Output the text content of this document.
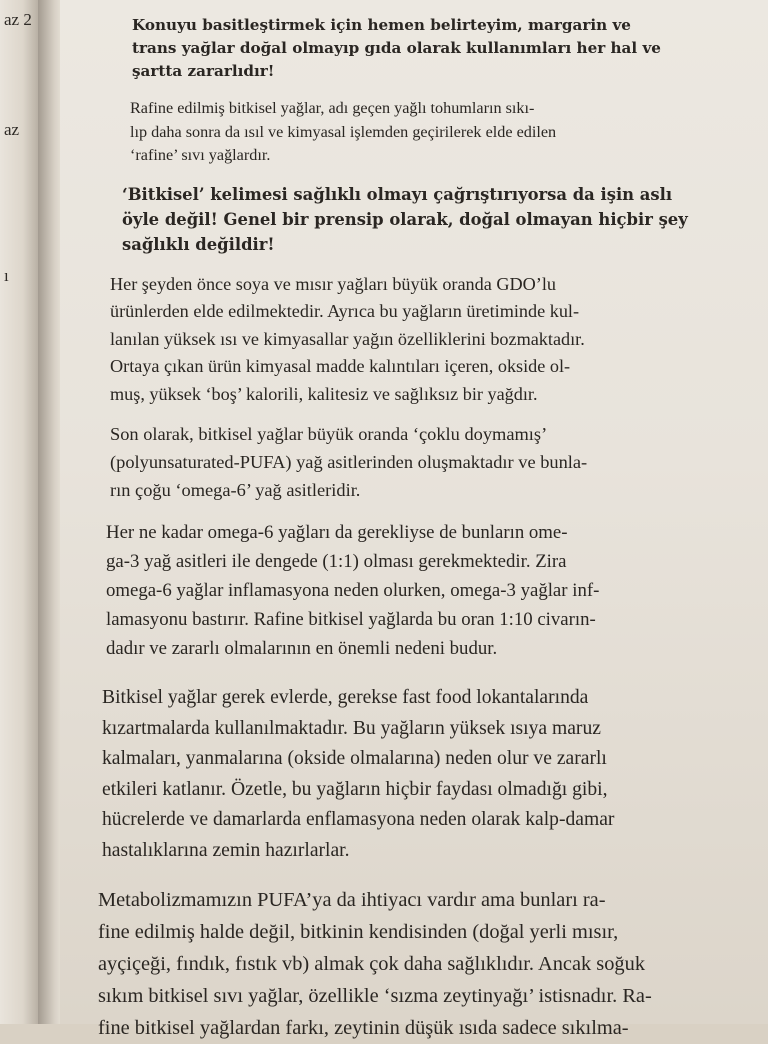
az 2
az
ı

Konuyu basitleştirmek için hemen belirteyim, margarin ve
trans yağlar doğal olmayıp gıda olarak kullanımları her hal ve
şartta zararlıdır!

Rafine edilmiş bitkisel yağlar, adı geçen yağlı tohumların sıkı-
lıp daha sonra da ısıl ve kimyasal işlemden geçirilerek elde edilen
‘rafine’ sıvı yağlardır.

‘Bitkisel’ kelimesi sağlıklı olmayı çağrıştırıyorsa da işin aslı
öyle değil! Genel bir prensip olarak, doğal olmayan hiçbir şey
sağlıklı değildir!

Her şeyden önce soya ve mısır yağları büyük oranda GDO’lu
ürünlerden elde edilmektedir. Ayrıca bu yağların üretiminde kul-
lanılan yüksek ısı ve kimyasallar yağın özelliklerini bozmaktadır.
Ortaya çıkan ürün kimyasal madde kalıntıları içeren, okside ol-
muş, yüksek ‘boş’ kalorili, kalitesiz ve sağlıksız bir yağdır.

Son olarak, bitkisel yağlar büyük oranda ‘çoklu doymamış’
(polyunsaturated-PUFA) yağ asitlerinden oluşmaktadır ve bunla-
rın çoğu ‘omega-6’ yağ asitleridir.

Her ne kadar omega-6 yağları da gerekliyse de bunların ome-
ga-3 yağ asitleri ile dengede (1:1) olması gerekmektedir. Zira
omega-6 yağlar inflamasyona neden olurken, omega-3 yağlar inf-
lamasyonu bastırır. Rafine bitkisel yağlarda bu oran 1:10 civarın-
dadır ve zararlı olmalarının en önemli nedeni budur.

Bitkisel yağlar gerek evlerde, gerekse fast food lokantalarında
kızartmalarda kullanılmaktadır. Bu yağların yüksek ısıya maruz
kalmaları, yanmalarına (okside olmalarına) neden olur ve zararlı
etkileri katlanır. Özetle, bu yağların hiçbir faydası olmadığı gibi,
hücrelerde ve damarlarda enflamasyona neden olarak kalp-damar
hastalıklarına zemin hazırlarlar.

Metabolizmamızın PUFA’ya da ihtiyacı vardır ama bunları ra-
fine edilmiş halde değil, bitkinin kendisinden (doğal yerli mısır,
ayçiçeği, fındık, fıstık vb) almak çok daha sağlıklıdır. Ancak soğuk
sıkım bitkisel sıvı yağlar, özellikle ‘sızma zeytinyağı’ istisnadır. Ra-
fine bitkisel yağlardan farkı, zeytinin düşük ısıda sadece sıkılma-
